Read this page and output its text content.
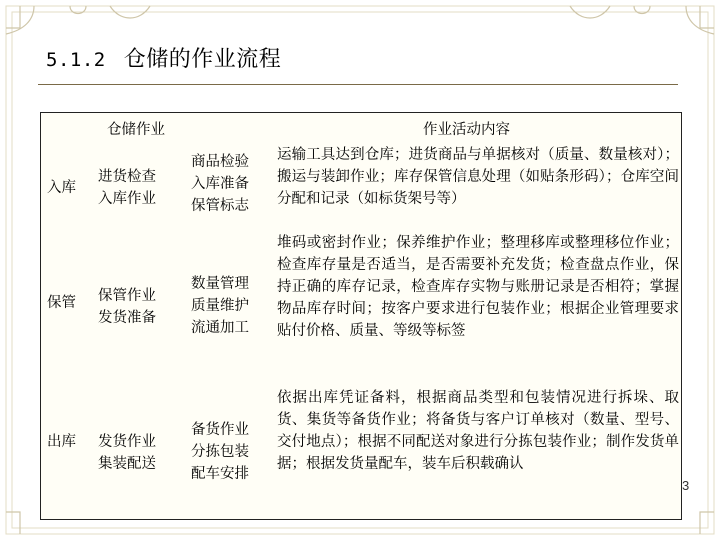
5.1.2 仓储的作业流程
仓储作业	作业活动内容
入库
进货检查
入库作业
商品检验
入库准备
保管标志
运输工具达到仓库；进货商品与单据核对（质量、数量核对）；搬运与装卸作业；库存保管信息处理（如贴条形码）；仓库空间分配和记录（如标货架号等）
保管 保管作业
发货准备
数量管理
质量维护
流通加工
堆码或密封作业；保养维护作业；整理移库或整理移位作业；检查库存量是否适当，是否需要补充发货；检查盘点作业，保持正确的库存记录，检查库存实物与账册记录是否相符；掌握物品库存时间；按客户要求进行包装作业；根据企业管理要求贴付价格、质量、等级等标签
出库 发货作业
集装配送
备货作业
分拣包装
配车安排
依据出库凭证备料，根据商品类型和包装情况进行拆垛、取货、集货等备货作业；将备货与客户订单核对（数量、型号、交付地点）；根据不同配送对象进行分拣包装作业；制作发货单据；根据发货量配车，装车后积载确认
3
